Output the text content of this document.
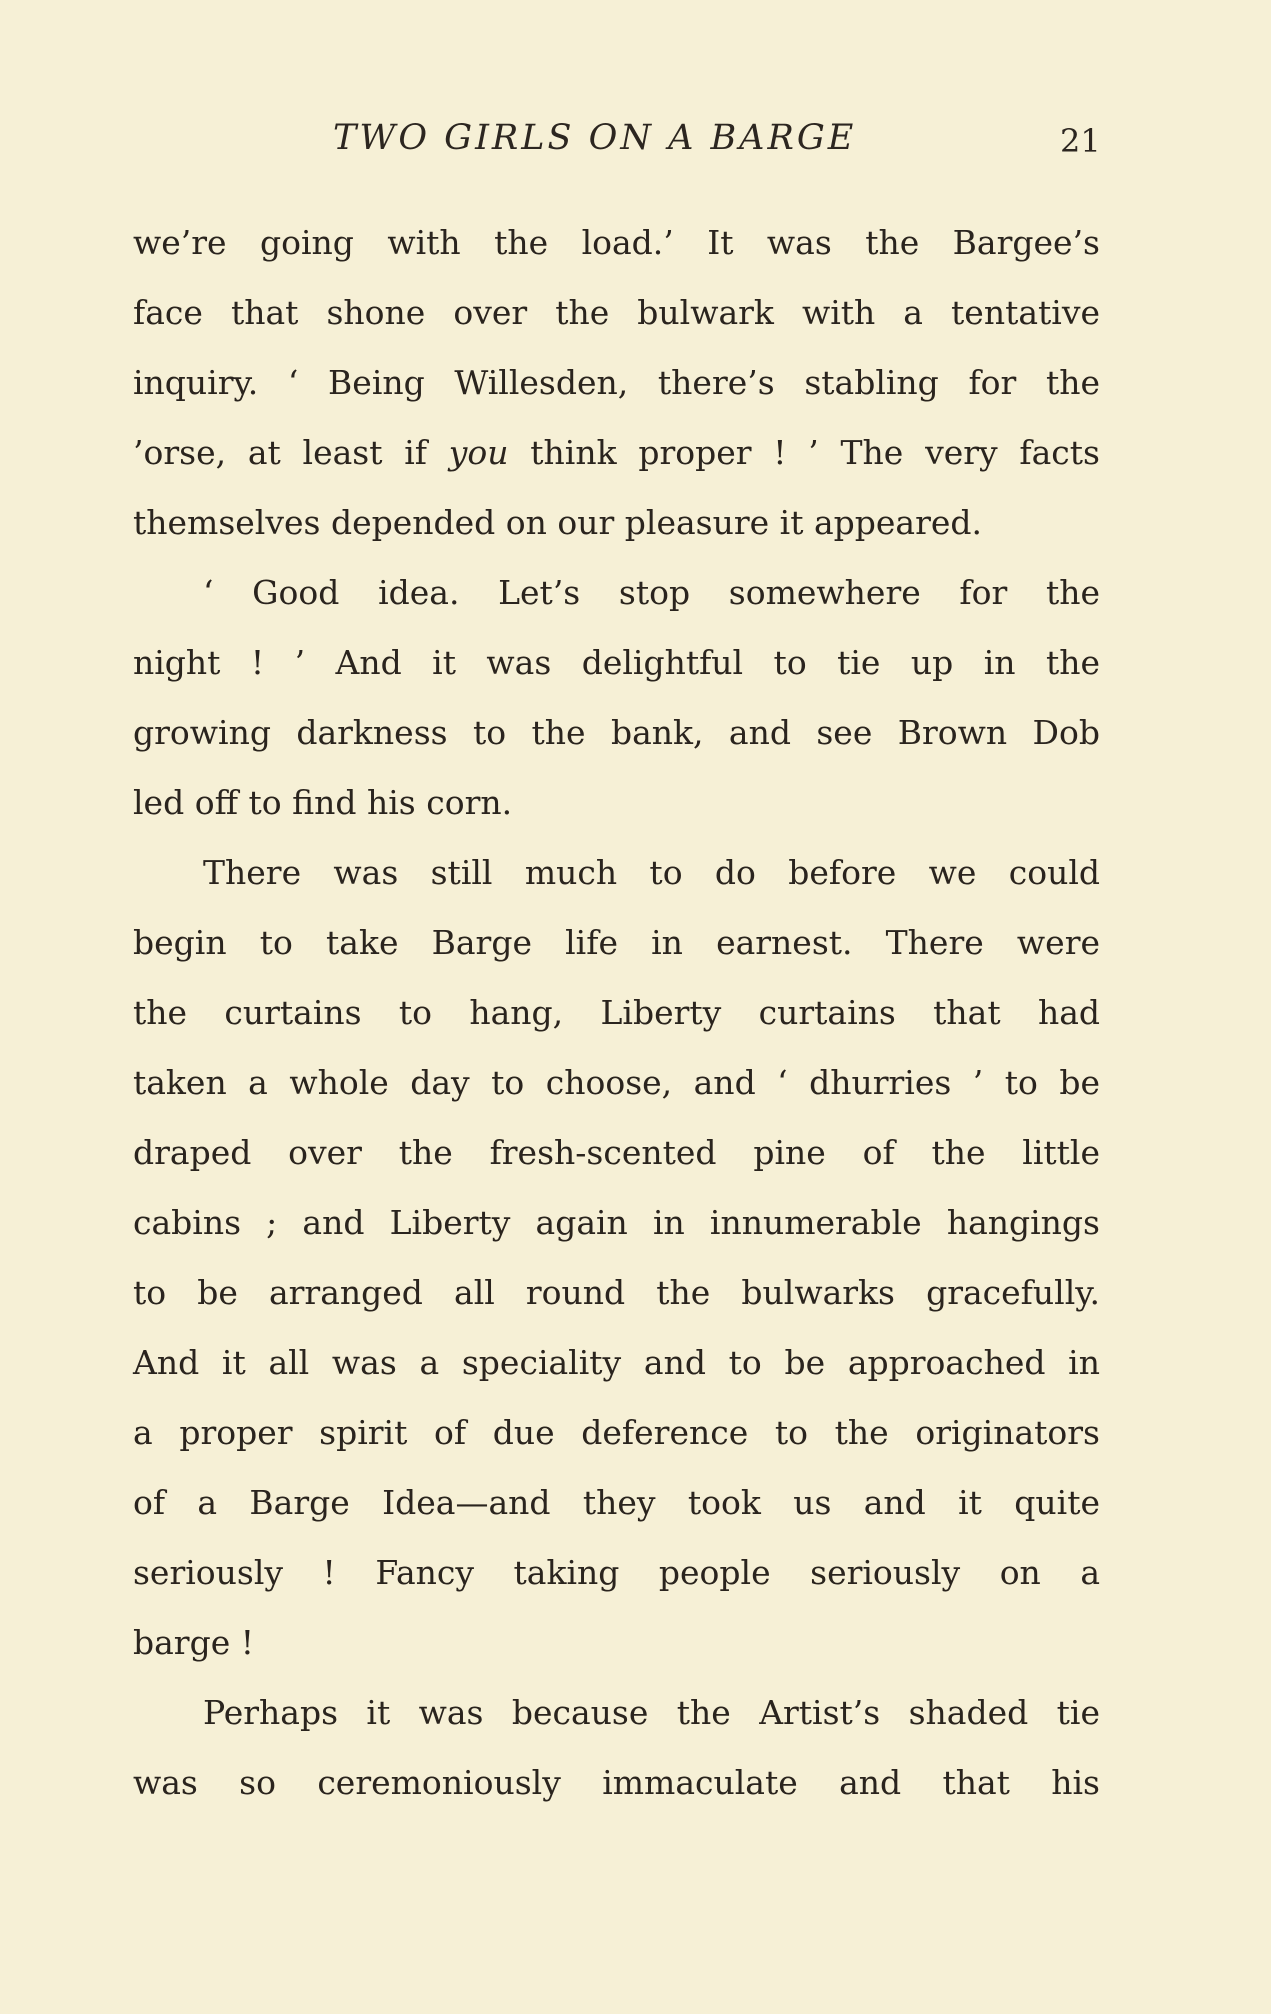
TWO GIRLS ON A BARGE	21
we’re going with the load.’ It was the Bargee’s
face that shone over the bulwark with a tentative
inquiry. ‘ Being Willesden, there’s stabling for the
’orse, at least if you think proper ! ’ The very facts
themselves depended on our pleasure it appeared.
‘ Good idea. Let’s stop somewhere for the
night ! ’ And it was delightful to tie up in the
growing darkness to the bank, and see Brown Dob
led off to find his corn.
There was still much to do before we could
begin to take Barge life in earnest. There were
the curtains to hang, Liberty curtains that had
taken a whole day to choose, and ‘ dhurries ’ to be
draped over the fresh-scented pine of the little
cabins ; and Liberty again in innumerable hangings
to be arranged all round the bulwarks gracefully.
And it all was a speciality and to be approached in
a proper spirit of due deference to the originators
of a Barge Idea—and they took us and it quite
seriously ! Fancy taking people seriously on a
barge !
Perhaps it was because the Artist’s shaded tie
was so ceremoniously immaculate and that his
